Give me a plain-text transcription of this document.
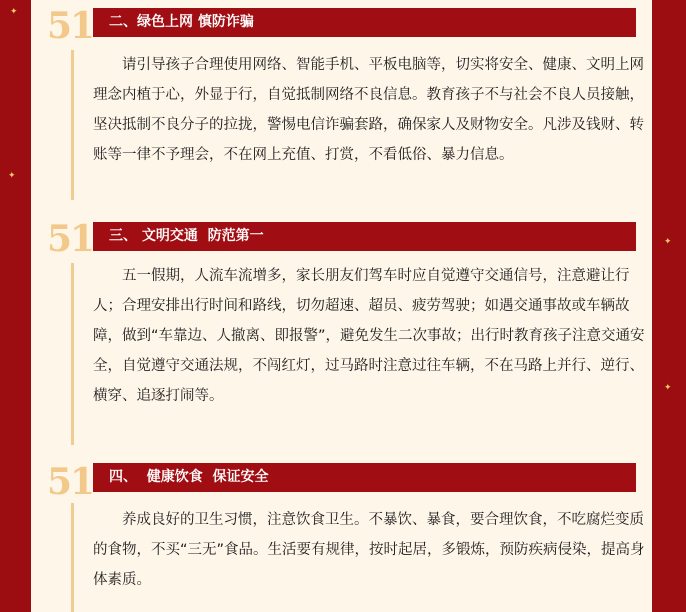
✦
✦
✦
✦
51	二、绿色上网 慎防诈骗

请引导孩子合理使用网络、智能手机、平板电脑等，切实将安全、健康、文明上网理念内植于心，外显于行，自觉抵制网络不良信息。教育孩子不与社会不良人员接触，坚决抵制不良分子的拉拢，警惕电信诈骗套路，确保家人及财物安全。凡涉及钱财、转账等一律不予理会，不在网上充值、打赏，不看低俗、暴力信息。

51	三、 文明交通  防范第一

五一假期，人流车流增多，家长朋友们驾车时应自觉遵守交通信号，注意避让行人；合理安排出行时间和路线，切勿超速、超员、疲劳驾驶；如遇交通事故或车辆故障，做到“车靠边、人撤离、即报警”，避免发生二次事故；出行时教育孩子注意交通安全，自觉遵守交通法规，不闯红灯，过马路时注意过往车辆，不在马路上并行、逆行、横穿、追逐打闹等。

51	四、  健康饮食  保证安全

养成良好的卫生习惯，注意饮食卫生。不暴饮、暴食，要合理饮食，不吃腐烂变质的食物，不买“三无”食品。生活要有规律，按时起居，多锻炼，预防疾病侵染，提高身体素质。
